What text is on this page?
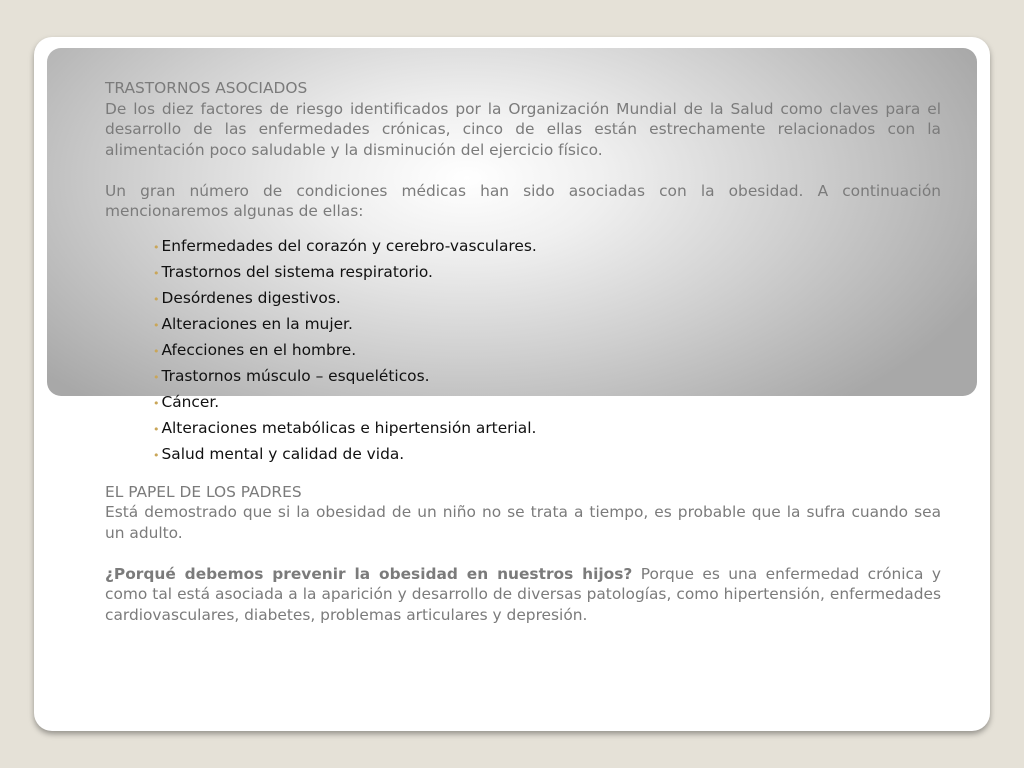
TRASTORNOS ASOCIADOS

De los diez factores de riesgo identificados por la Organización Mundial de la Salud como claves para el desarrollo de las enfermedades crónicas, cinco de ellas están estrechamente relacionados con la alimentación poco saludable y la disminución del ejercicio físico.

Un gran número de condiciones médicas han sido asociadas con la obesidad. A continuación mencionaremos algunas de ellas:

• Enfermedades del corazón y cerebro-vasculares.
• Trastornos del sistema respiratorio.
• Desórdenes digestivos.
• Alteraciones en la mujer.
• Afecciones en el hombre.
• Trastornos músculo – esqueléticos.
• Cáncer.
• Alteraciones metabólicas e hipertensión arterial.
• Salud mental y calidad de vida.

EL PAPEL DE LOS PADRES

Está demostrado que si la obesidad de un niño no se trata a tiempo, es probable que la sufra cuando sea un adulto.

¿Porqué debemos prevenir la obesidad en nuestros hijos? Porque es una enfermedad crónica y como tal está asociada a la aparición y desarrollo de diversas patologías, como hipertensión, enfermedades cardiovasculares, diabetes, problemas articulares y depresión.
